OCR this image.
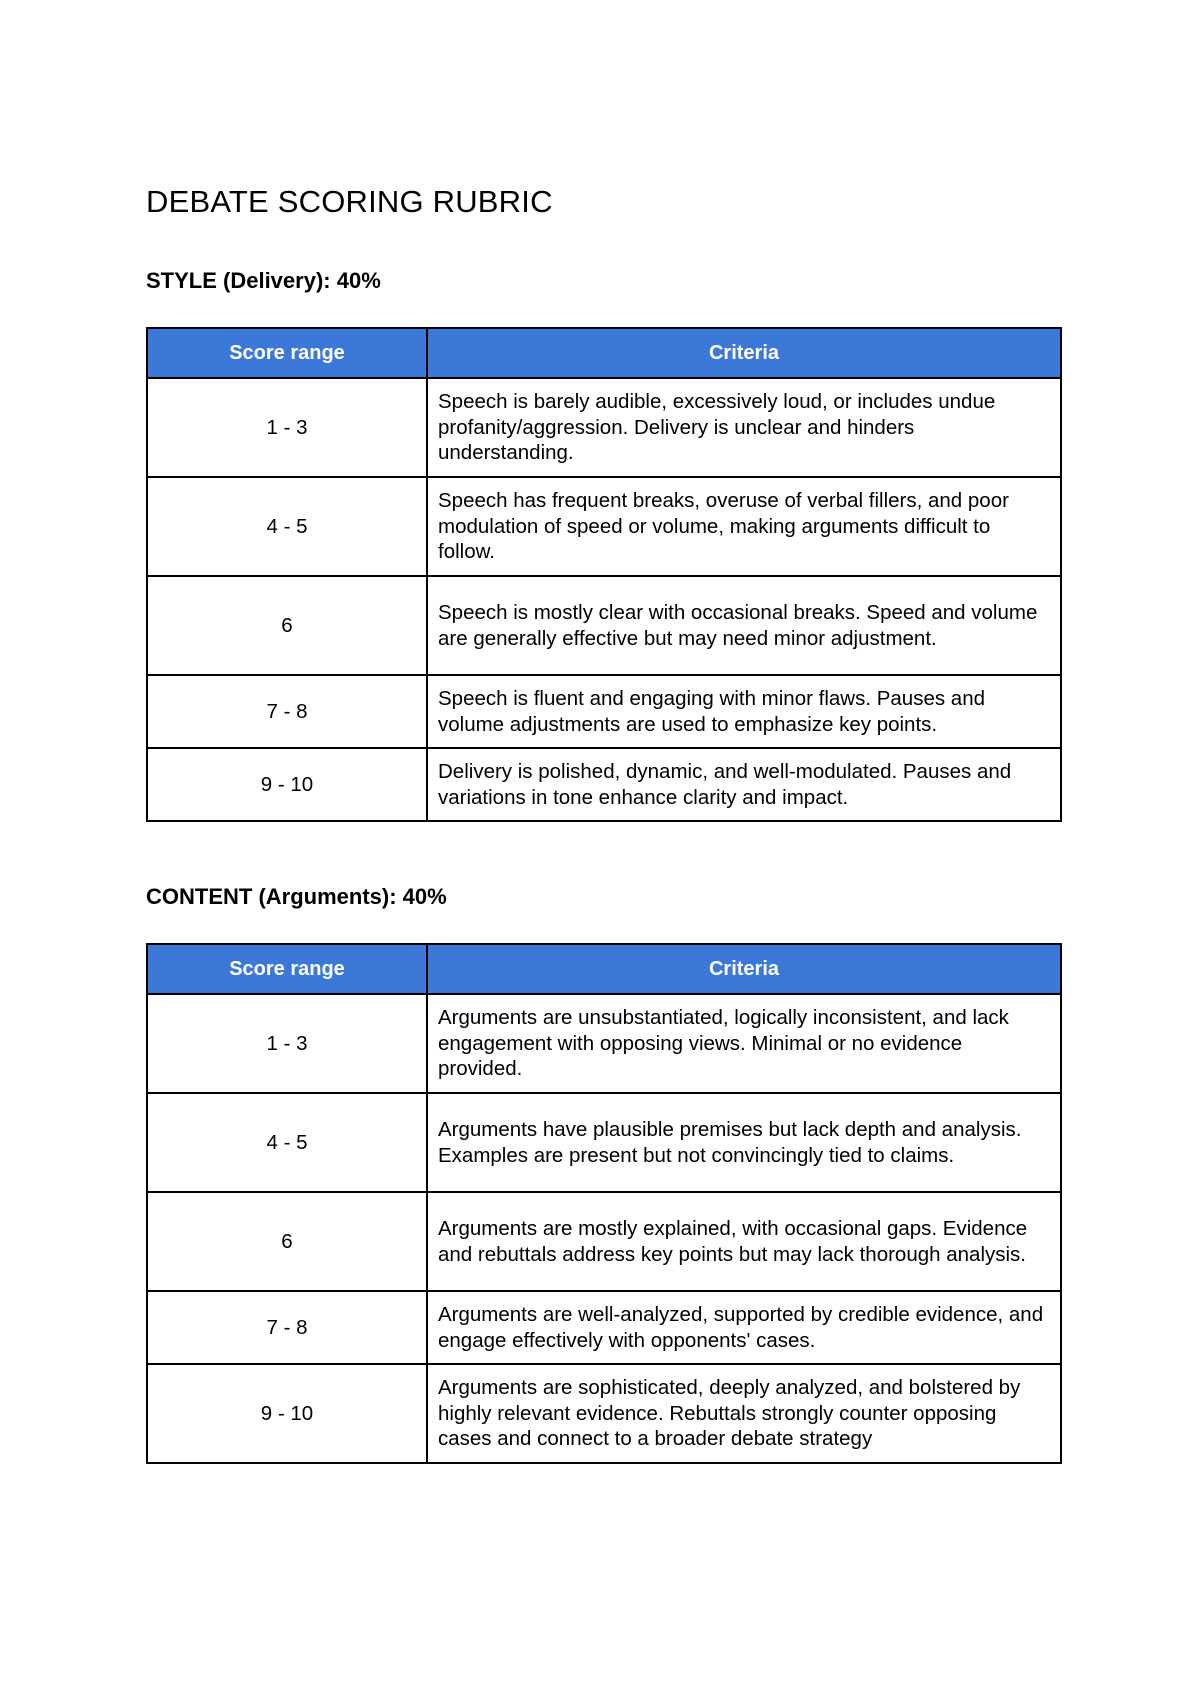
DEBATE SCORING RUBRIC
STYLE (Delivery): 40%
Score range	Criteria
1 - 3	Speech is barely audible, excessively loud, or includes undue profanity/aggression. Delivery is unclear and hinders understanding.
4 - 5	Speech has frequent breaks, overuse of verbal fillers, and poor modulation of speed or volume, making arguments difficult to follow.
6	Speech is mostly clear with occasional breaks. Speed and volume are generally effective but may need minor adjustment.
7 - 8	Speech is fluent and engaging with minor flaws. Pauses and volume adjustments are used to emphasize key points.
9 - 10	Delivery is polished, dynamic, and well-modulated. Pauses and variations in tone enhance clarity and impact.
CONTENT (Arguments): 40%
Score range	Criteria
1 - 3	Arguments are unsubstantiated, logically inconsistent, and lack engagement with opposing views. Minimal or no evidence provided.
4 - 5	Arguments have plausible premises but lack depth and analysis. Examples are present but not convincingly tied to claims.
6	Arguments are mostly explained, with occasional gaps. Evidence and rebuttals address key points but may lack thorough analysis.
7 - 8	Arguments are well-analyzed, supported by credible evidence, and engage effectively with opponents' cases.
9 - 10	Arguments are sophisticated, deeply analyzed, and bolstered by highly relevant evidence. Rebuttals strongly counter opposing cases and connect to a broader debate strategy
